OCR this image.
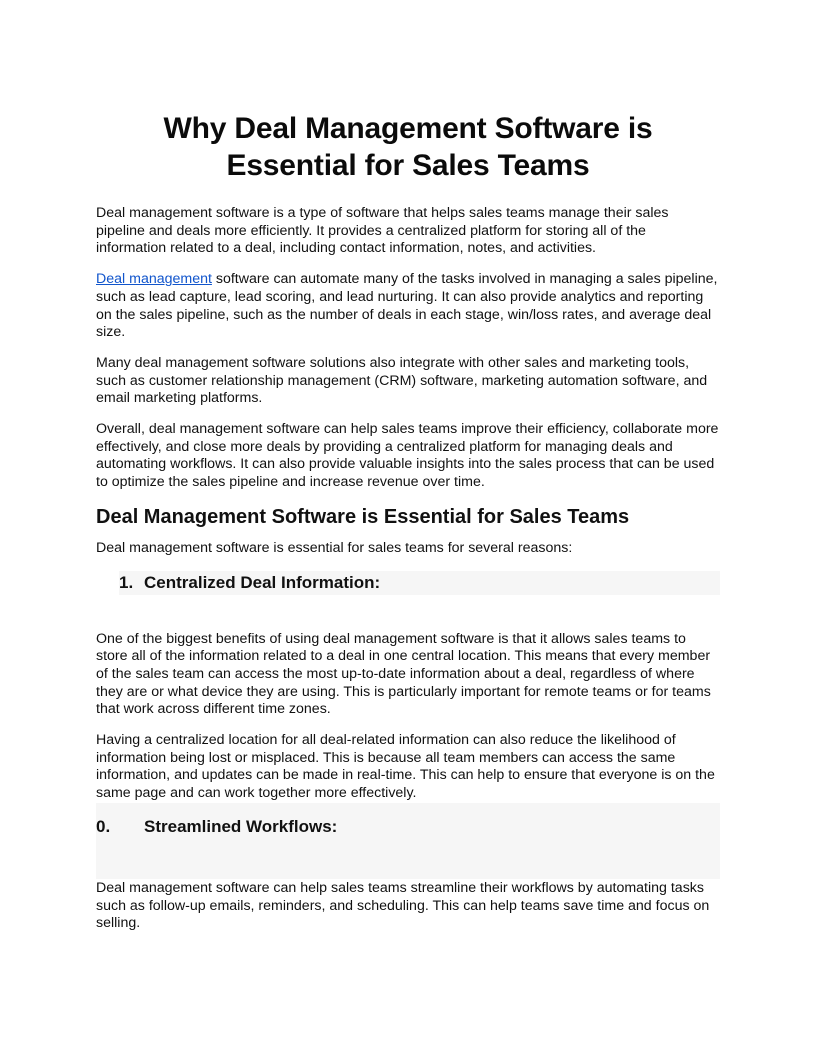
Why Deal Management Software is Essential for Sales Teams

Deal management software is a type of software that helps sales teams manage their sales pipeline and deals more efficiently. It provides a centralized platform for storing all of the information related to a deal, including contact information, notes, and activities.

Deal management software can automate many of the tasks involved in managing a sales pipeline, such as lead capture, lead scoring, and lead nurturing. It can also provide analytics and reporting on the sales pipeline, such as the number of deals in each stage, win/loss rates, and average deal size.

Many deal management software solutions also integrate with other sales and marketing tools, such as customer relationship management (CRM) software, marketing automation software, and email marketing platforms.

Overall, deal management software can help sales teams improve their efficiency, collaborate more effectively, and close more deals by providing a centralized platform for managing deals and automating workflows. It can also provide valuable insights into the sales process that can be used to optimize the sales pipeline and increase revenue over time.

Deal Management Software is Essential for Sales Teams

Deal management software is essential for sales teams for several reasons:

1. Centralized Deal Information:

One of the biggest benefits of using deal management software is that it allows sales teams to store all of the information related to a deal in one central location. This means that every member of the sales team can access the most up-to-date information about a deal, regardless of where they are or what device they are using. This is particularly important for remote teams or for teams that work across different time zones.

Having a centralized location for all deal-related information can also reduce the likelihood of information being lost or misplaced. This is because all team members can access the same information, and updates can be made in real-time. This can help to ensure that everyone is on the same page and can work together more effectively.

0.	Streamlined Workflows:

Deal management software can help sales teams streamline their workflows by automating tasks such as follow-up emails, reminders, and scheduling. This can help teams save time and focus on selling.
